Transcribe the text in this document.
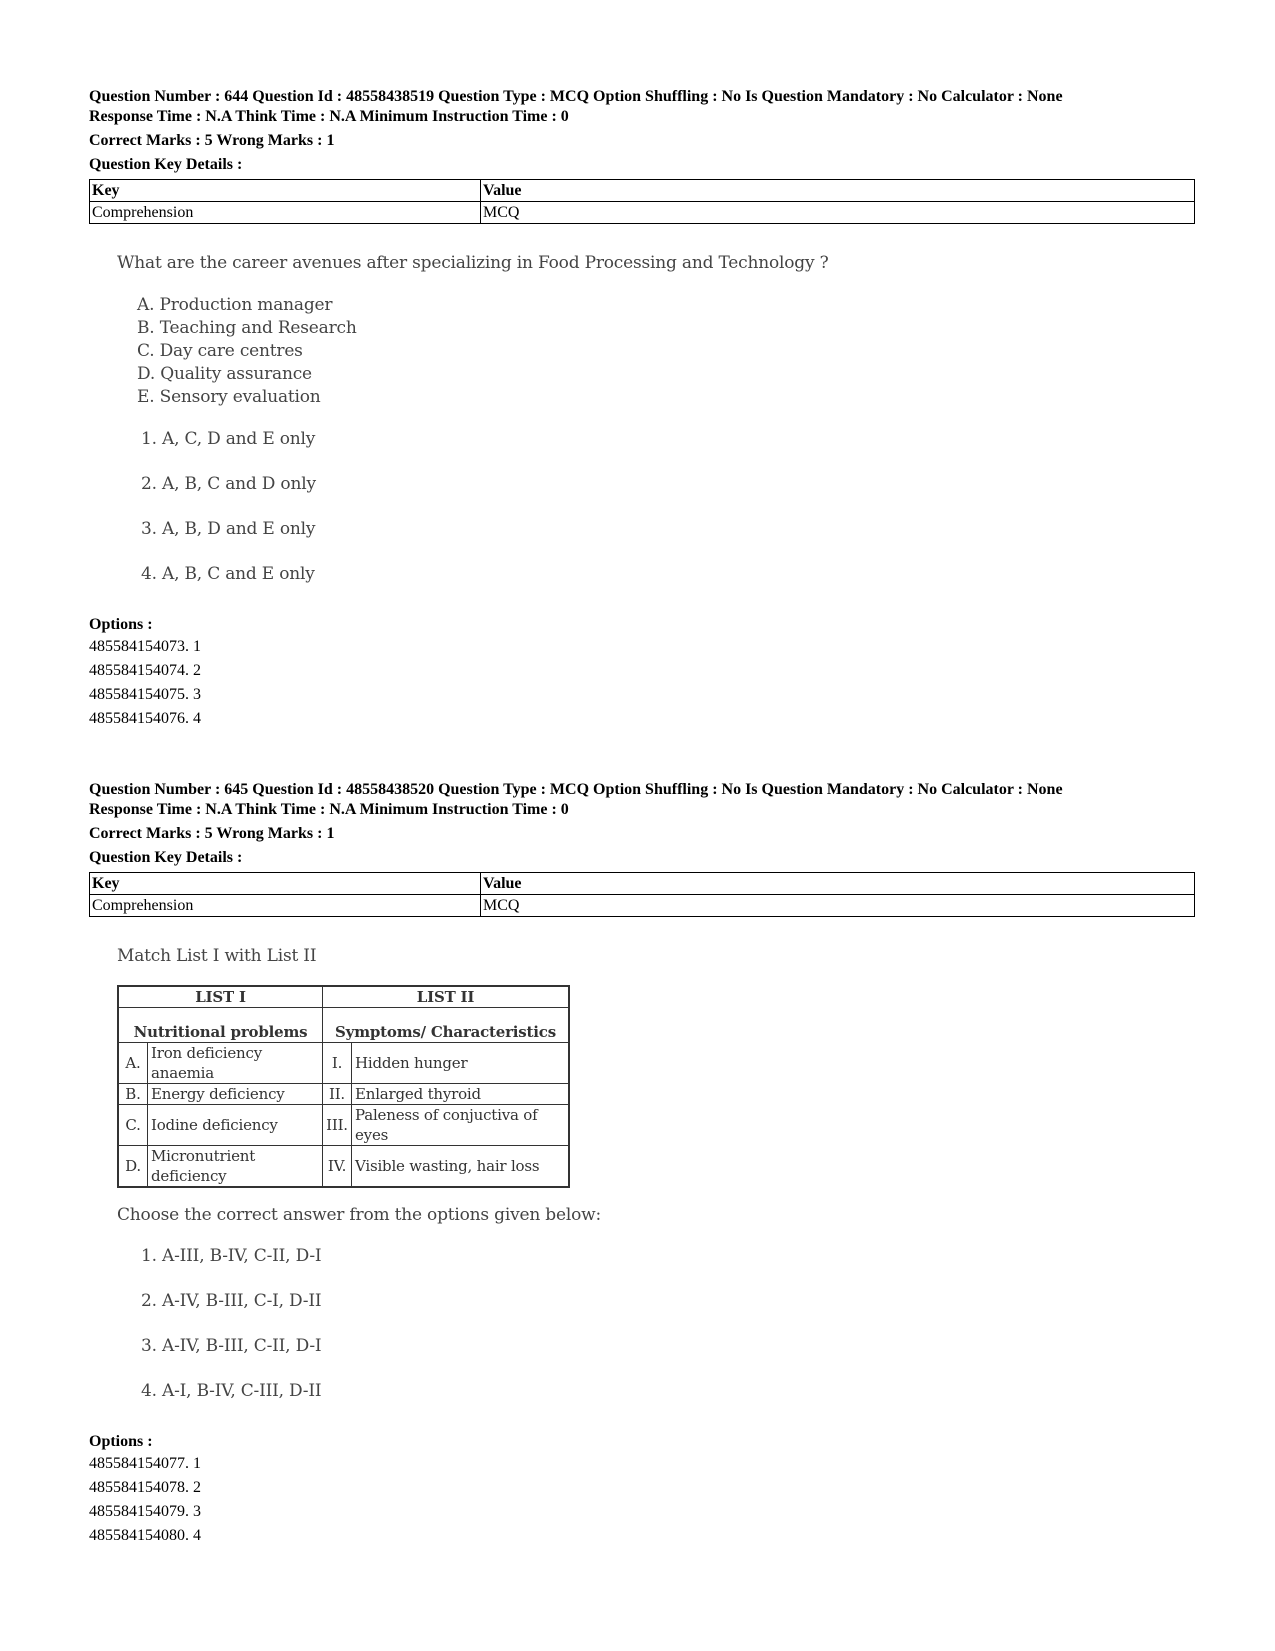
Question Number : 644 Question Id : 48558438519 Question Type : MCQ Option Shuffling : No Is Question Mandatory : No Calculator : None

Response Time : N.A Think Time : N.A Minimum Instruction Time : 0

Correct Marks : 5 Wrong Marks : 1

Question Key Details :
Key	Value
Comprehension	MCQ
What are the career avenues after specializing in Food Processing and Technology ?
A. Production manager
B. Teaching and Research
C. Day care centres
D. Quality assurance
E. Sensory evaluation
1. A, C, D and E only
2. A, B, C and D only
3. A, B, D and E only
4. A, B, C and E only
Options :
485584154073. 1
485584154074. 2
485584154075. 3
485584154076. 4

Question Number : 645 Question Id : 48558438520 Question Type : MCQ Option Shuffling : No Is Question Mandatory : No Calculator : None

Response Time : N.A Think Time : N.A Minimum Instruction Time : 0

Correct Marks : 5 Wrong Marks : 1

Question Key Details :
Key	Value
Comprehension	MCQ
Match List I with List II
LIST I		LIST II	
Nutritional problems		Symptoms/ Characteristics	
A.	Iron deficiency anaemia	I.	Hidden hunger
B.	Energy deficiency	II.	Enlarged thyroid
C.	Iodine deficiency	III.	Paleness of conjuctiva of eyes
D.	Micronutrient deficiency	IV.	Visible wasting, hair loss
Choose the correct answer from the options given below:
1. A-III, B-IV, C-II, D-I
2. A-IV, B-III, C-I, D-II
3. A-IV, B-III, C-II, D-I
4. A-I, B-IV, C-III, D-II
Options :
485584154077. 1
485584154078. 2
485584154079. 3
485584154080. 4
